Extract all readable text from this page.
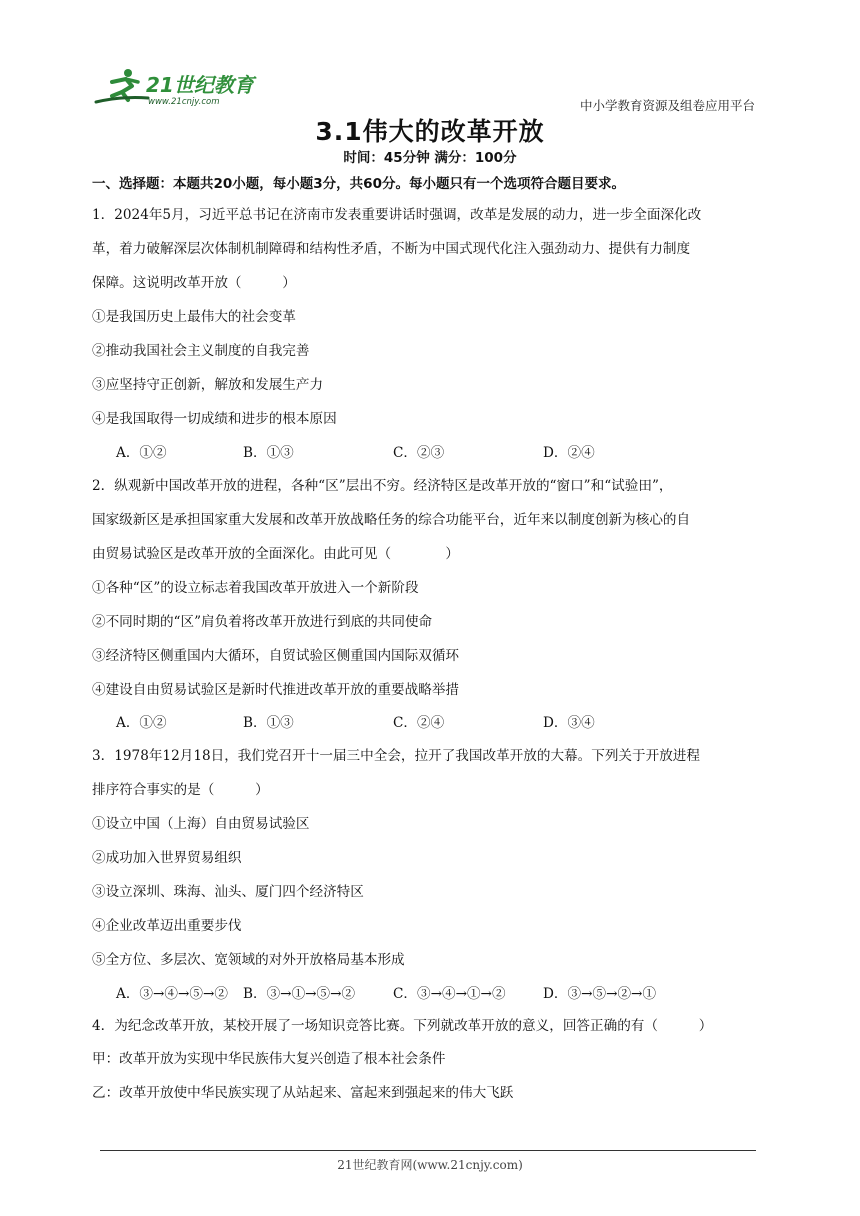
21世纪教育
www.21cnjy.com	中小学教育资源及组卷应用平台
3.1伟大的改革开放
时间：45分钟 满分：100分
一、选择题：本题共20小题，每小题3分，共60分。每小题只有一个选项符合题目要求。
1．2024年5月，习近平总书记在济南市发表重要讲话时强调，改革是发展的动力，进一步全面深化改
革，着力破解深层次体制机制障碍和结构性矛盾，不断为中国式现代化注入强劲动力、提供有力制度
保障。这说明改革开放（　　　）
①是我国历史上最伟大的社会变革
②推动我国社会主义制度的自我完善
③应坚持守正创新，解放和发展生产力
④是我国取得一切成绩和进步的根本原因
A．①②	B．①③	C．②③	D．②④
2．纵观新中国改革开放的进程，各种“区”层出不穷。经济特区是改革开放的“窗口”和“试验田”，
国家级新区是承担国家重大发展和改革开放战略任务的综合功能平台，近年来以制度创新为核心的自
由贸易试验区是改革开放的全面深化。由此可见（　　　　）
①各种“区”的设立标志着我国改革开放进入一个新阶段
②不同时期的“区”肩负着将改革开放进行到底的共同使命
③经济特区侧重国内大循环，自贸试验区侧重国内国际双循环
④建设自由贸易试验区是新时代推进改革开放的重要战略举措
A．①②	B．①③	C．②④	D．③④
3．1978年12月18日，我们党召开十一届三中全会，拉开了我国改革开放的大幕。下列关于开放进程
排序符合事实的是（　　　）
①设立中国（上海）自由贸易试验区
②成功加入世界贸易组织
③设立深圳、珠海、汕头、厦门四个经济特区
④企业改革迈出重要步伐
⑤全方位、多层次、宽领域的对外开放格局基本形成
A．③→④→⑤→② B．③→①→⑤→②	C．③→④→①→②	D．③→⑤→②→①
4．为纪念改革开放，某校开展了一场知识竞答比赛。下列就改革开放的意义，回答正确的有（　　　）
甲：改革开放为实现中华民族伟大复兴创造了根本社会条件
乙：改革开放使中华民族实现了从站起来、富起来到强起来的伟大飞跃
21世纪教育网(www.21cnjy.com)
